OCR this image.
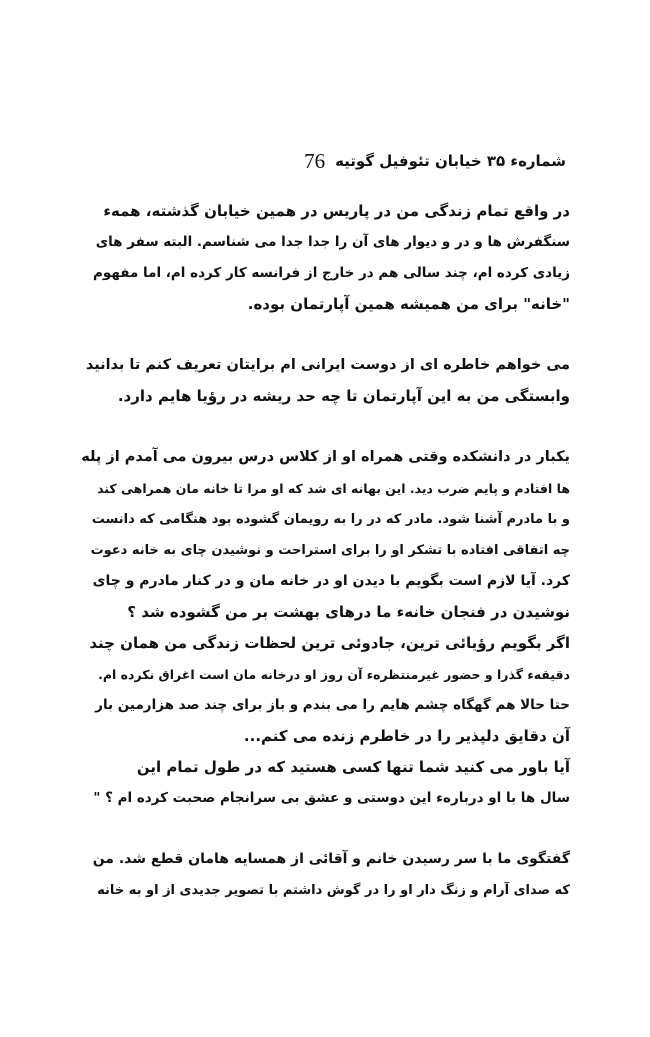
شماره‌ء ۳۵ خیابان تئوفیل گوتیه
76
در واقع تمام زندگی من در پاریس در همین خیابان گذشته، همهء
سنگفرش ها و در و دیوار های آن را جدا جدا می شناسم. البته سفر های
زیادی کرده ام، چند سالی هم در خارج از فرانسه کار کرده ام، اما مفهوم
"خانه" برای من همیشه همین آپارتمان بوده.
می خواهم خاطره ای از دوست ایرانی ام برایتان تعریف کنم تا بدانید
وابستگی من به این آپارتمان تا چه حد ریشه در رؤیا هایم دارد.
یکبار در دانشکده وقتی همراه او از کلاس درس بیرون می آمدم از پله
ها افتادم و پایم ضرب دید. این بهانه ای شد که او مرا تا خانه مان همراهی کند
و با مادرم آشنا شود. مادر که در را به رویمان گشوده بود هنگامی که دانست
چه اتفاقی افتاده با تشکر او را برای استراحت و نوشیدن چای به خانه دعوت
کرد. آیا لازم است بگویم با دیدن او در خانه مان و در کنار مادرم و چای
نوشیدن در فنجان خانهء ما درهای بهشت بر من گشوده شد ؟
اگر بگویم رؤیائی ترین، جادوئی ترین لحظات زندگی من همان چند
دقیقهء گذرا و حضور غیرمنتظرهء آن روز او درخانه مان است اغراق نکرده ام.
حتا حالا هم گهگاه چشم هایم را می بندم و باز برای چند صد هزارمین بار
آن دقایق دلپذیر را در خاطرم زنده می کنم...
آیا باور می کنید شما تنها کسی هستید که در طول تمام این
سال ها با او درباره‌ء این دوستی و عشق بی سرانجام صحبت کرده ام ؟ "
گفتگوی ما با سر رسیدن خانم و آقائی از همسایه هامان قطع شد. من
که صدای آرام و زنگ دار او را در گوش داشتم با تصویر جدیدی از او به خانه
